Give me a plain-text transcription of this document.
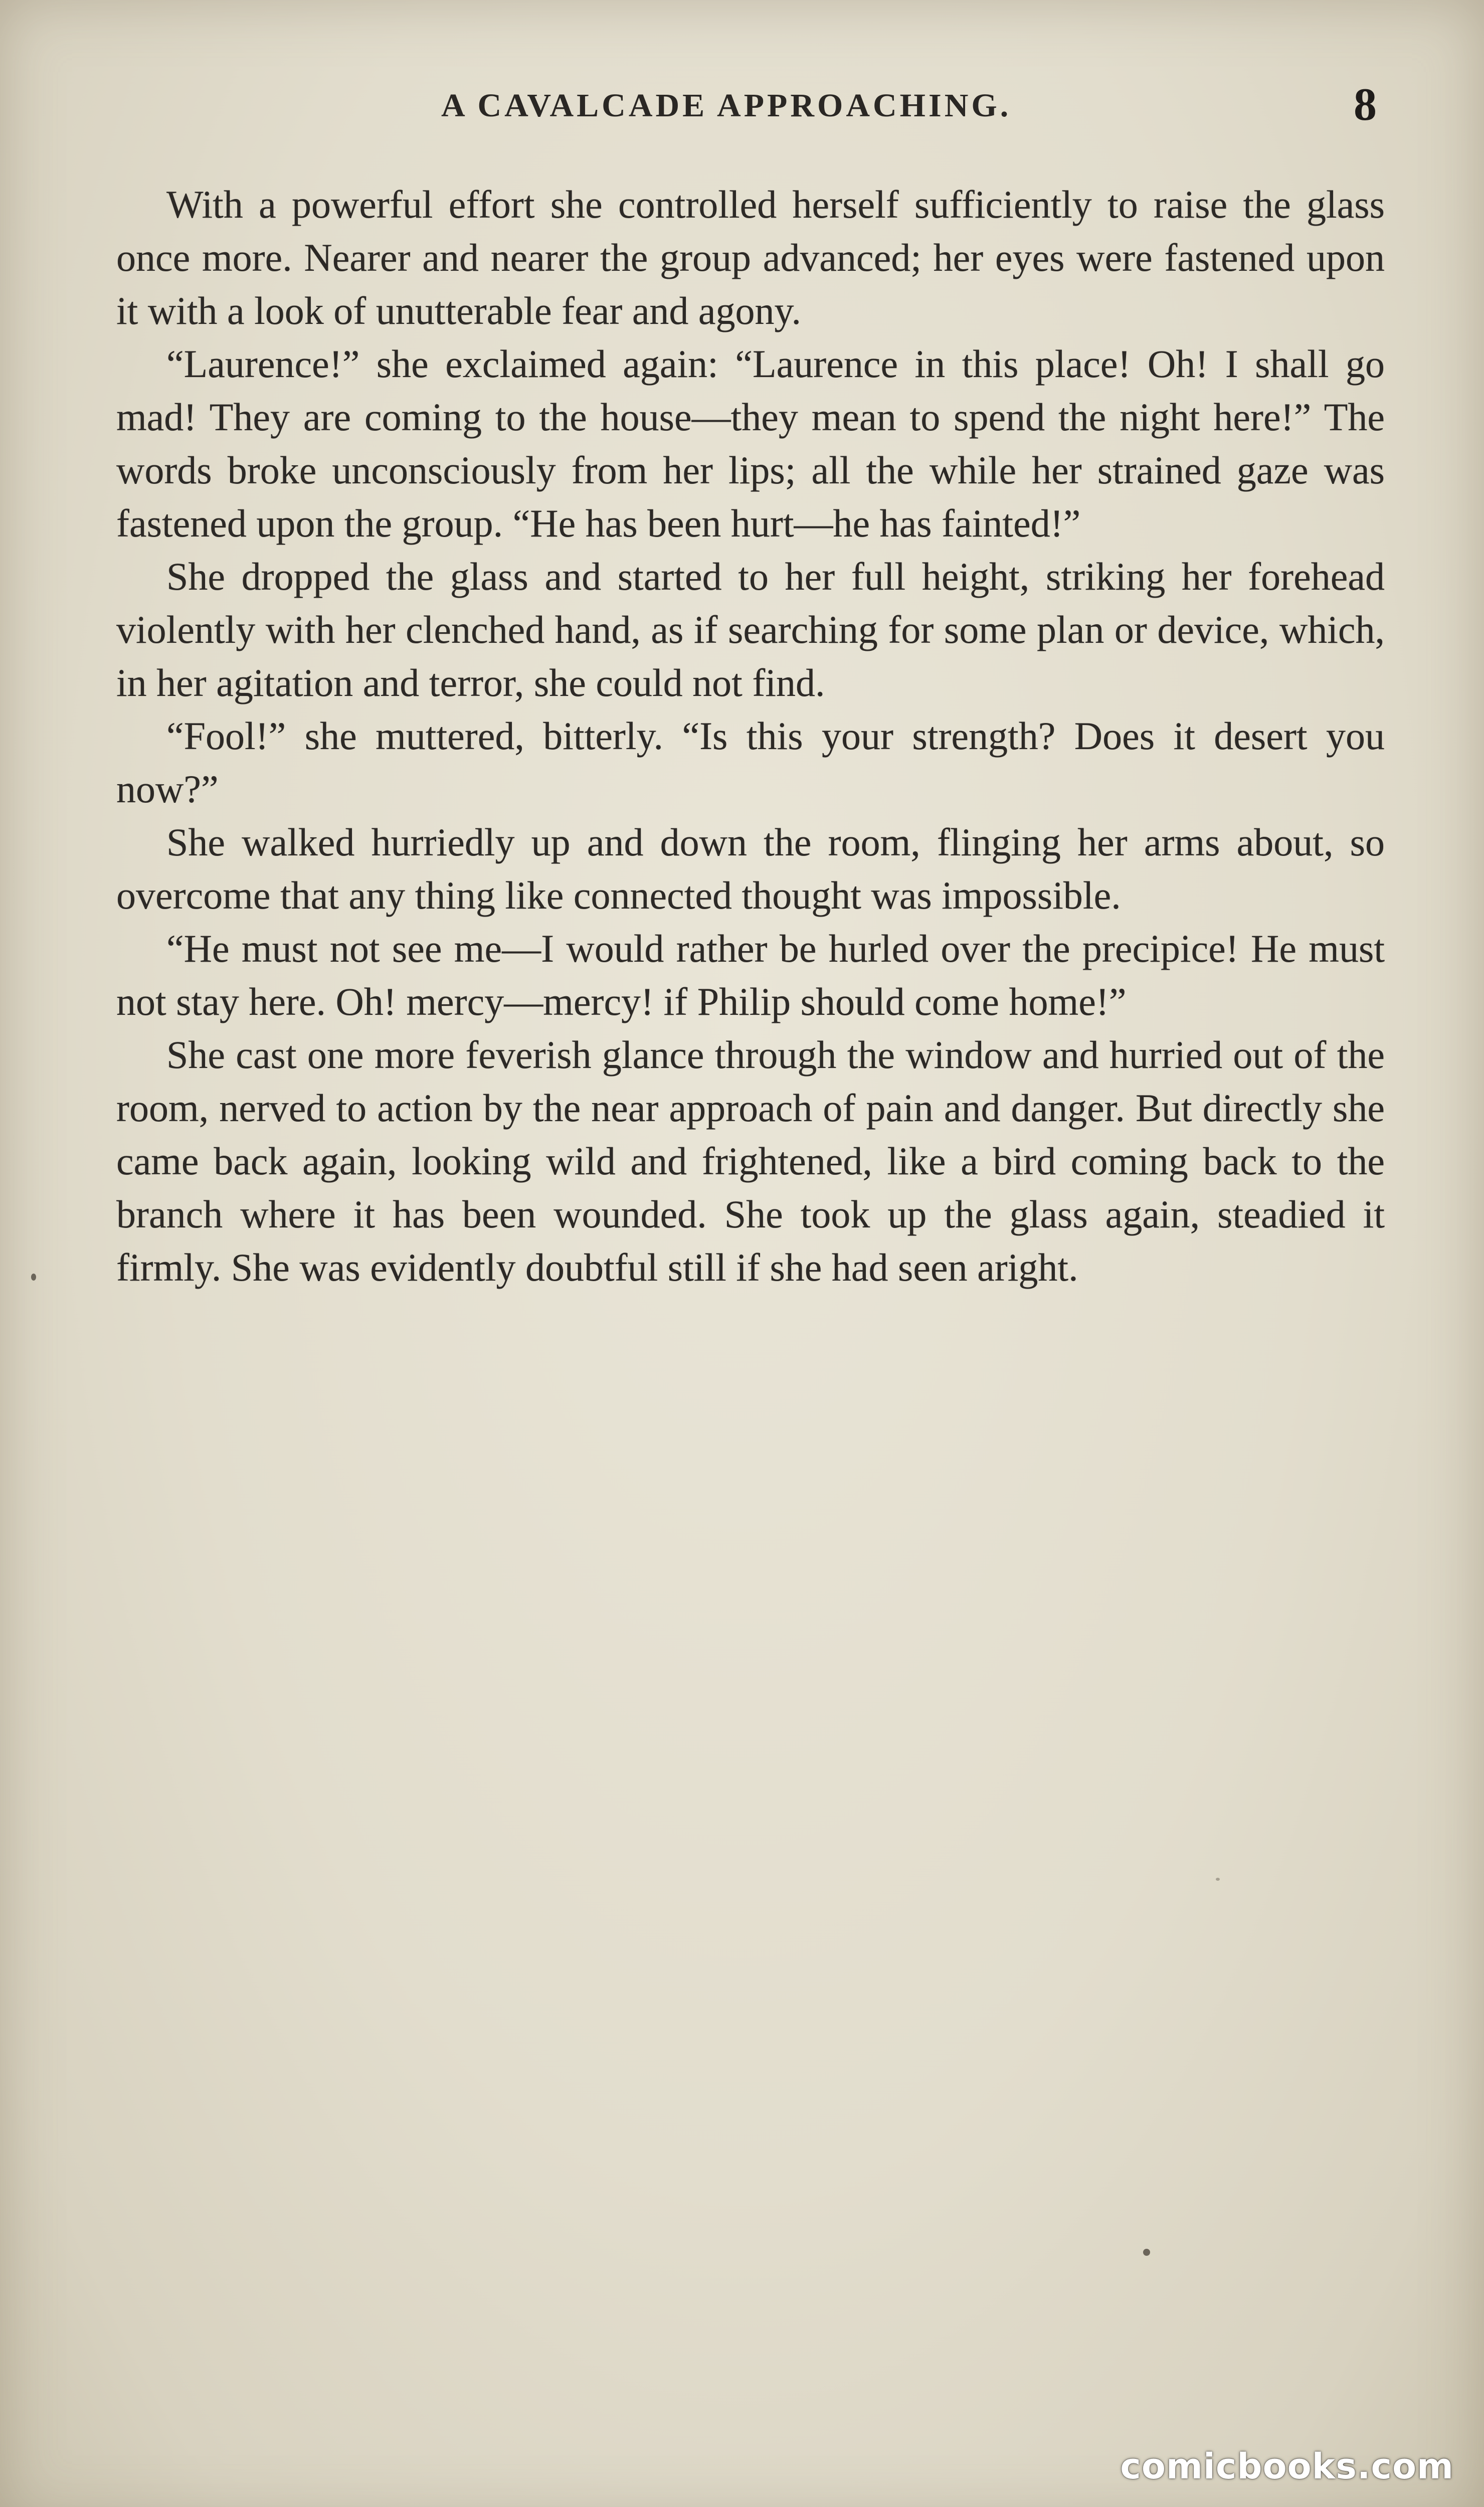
A CAVALCADE APPROACHING.	8

With a powerful effort she controlled herself sufficiently to raise the glass once more. Nearer and nearer the group advanced; her eyes were fastened upon it with a look of unutterable fear and agony.

“Laurence!” she exclaimed again: “Laurence in this place! Oh! I shall go mad! They are coming to the house—they mean to spend the night here!” The words broke unconsciously from her lips; all the while her strained gaze was fastened upon the group. “He has been hurt—he has fainted!”

She dropped the glass and started to her full height, striking her forehead violently with her clenched hand, as if searching for some plan or device, which, in her agitation and terror, she could not find.

“Fool!” she muttered, bitterly. “Is this your strength? Does it desert you now?”

She walked hurriedly up and down the room, flinging her arms about, so overcome that any thing like connected thought was impossible.

“He must not see me—I would rather be hurled over the precipice! He must not stay here. Oh! mercy—mercy! if Philip should come home!”

She cast one more feverish glance through the window and hurried out of the room, nerved to action by the near approach of pain and danger. But directly she came back again, looking wild and frightened, like a bird coming back to the branch where it has been wounded. She took up the glass again, steadied it firmly. She was evidently doubtful still if she had seen aright.

comicbooks.com
